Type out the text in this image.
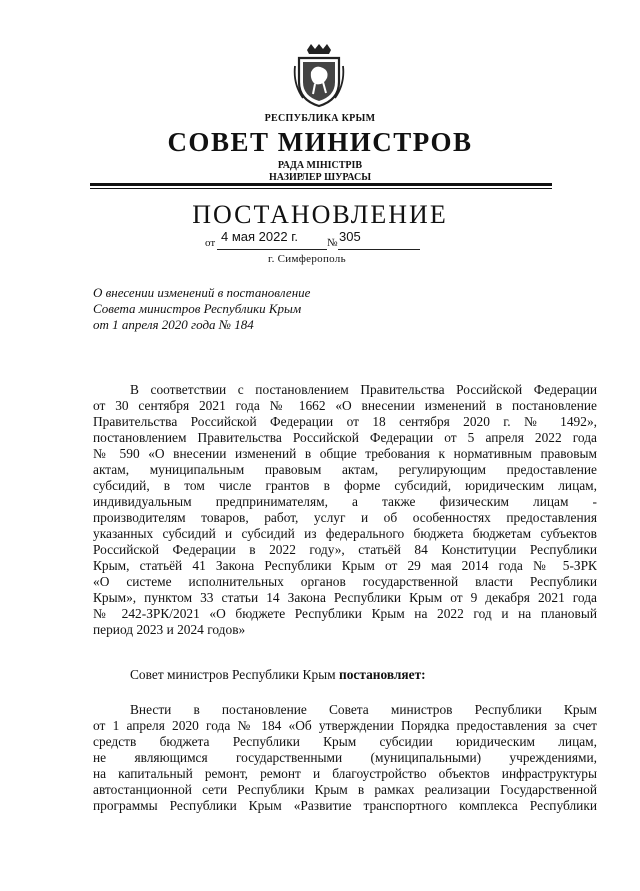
РЕСПУБЛИКА КРЫМ
СОВЕТ МИНИСТРОВ
РАДА МІНІСТРІВ
НАЗИРЛЕР ШУРАСЫ
ПОСТАНОВЛЕНИЕ
от 4 мая 2022 г.	№ 305
г. Симферополь
О внесении изменений в постановление
Совета министров Республики Крым
от 1 апреля 2020 года № 184
В соответствии с постановлением Правительства Российской Федерации
от 30 сентября 2021 года № 1662 «О внесении изменений в постановление
Правительства Российской Федерации от 18 сентября 2020 г. № 1492»,
постановлением Правительства Российской Федерации от 5 апреля 2022 года
№ 590 «О внесении изменений в общие требования к нормативным правовым
актам, муниципальным правовым актам, регулирующим предоставление
субсидий, в том числе грантов в форме субсидий, юридическим лицам,
индивидуальным предпринимателям, а также физическим лицам -
производителям товаров, работ, услуг и об особенностях предоставления
указанных субсидий и субсидий из федерального бюджета бюджетам субъектов
Российской Федерации в 2022 году», статьёй 84 Конституции Республики
Крым, статьёй 41 Закона Республики Крым от 29 мая 2014 года № 5-ЗРК
«О системе исполнительных органов государственной власти Республики
Крым», пунктом 33 статьи 14 Закона Республики Крым от 9 декабря 2021 года
№ 242-ЗРК/2021 «О бюджете Республики Крым на 2022 год и на плановый
период 2023 и 2024 годов»
Совет министров Республики Крым постановляет:
Внести в постановление Совета министров Республики Крым
от 1 апреля 2020 года № 184 «Об утверждении Порядка предоставления за счет
средств бюджета Республики Крым субсидии юридическим лицам,
не являющимся государственными (муниципальными) учреждениями,
на капитальный ремонт, ремонт и благоустройство объектов инфраструктуры
автостанционной сети Республики Крым в рамках реализации Государственной
программы Республики Крым «Развитие транспортного комплекса Республики
